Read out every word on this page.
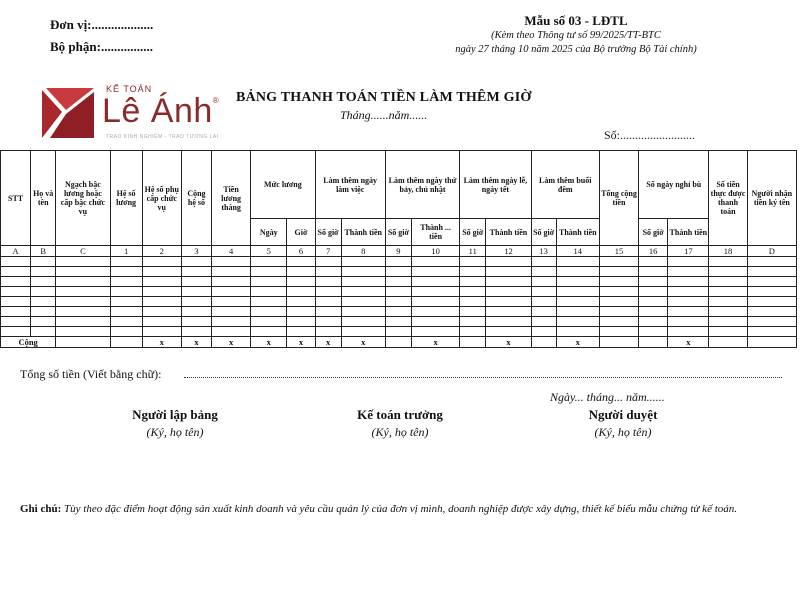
Đơn vị:...................
Bộ phận:................
Mẫu số 03 - LĐTL
(Kèm theo Thông tư số 99/2025/TT-BTC
ngày 27 tháng 10 năm 2025 của Bộ trưởng Bộ Tài chính)
KẾ TOÁN
Lê Ánh®
TRAO KINH NGHIỆM - TRAO TƯƠNG LAI
BẢNG THANH TOÁN TIỀN LÀM THÊM GIỜ
Tháng......năm......
Số:.........................
STT	Họ và tên	Ngạch bậc lương hoặc cấp bậc chức vụ	Hệ số lương	Hệ số phụ cấp chức vụ	Cộng hệ số	Tiền lương tháng	Mức lương		Làm thêm ngày làm việc		Làm thêm ngày thứ bảy, chủ nhật		Làm thêm ngày lễ, ngày tết		Làm thêm buổi đêm		Tổng cộng tiền	Số ngày nghỉ bù		Số tiền thực được thanh toán	Người nhận tiền ký tên
							Ngày	Giờ	Số giờ	Thành tiền	Số giờ	Thành ... tiền	Số giờ	Thành tiền	Số giờ	Thành tiền		Số giờ	Thành tiền		
A	B	C	1	2	3	4	5	6	7	8	9	10	11	12	13	14	15	16	17	18	D

Cộng				x	x	x	x	x	x	x		x		x		x			x		
Tổng số tiền (Viết bằng chữ):
Ngày... tháng... năm......
Người lập bảng
(Ký, họ tên)
Kế toán trưởng
(Ký, họ tên)
Người duyệt
(Ký, họ tên)
Ghi chú: Tùy theo đặc điểm hoạt động sản xuất kinh doanh và yêu cầu quản lý của đơn vị mình, doanh nghiệp được xây dựng, thiết kế biểu mẫu chứng từ kế toán.
